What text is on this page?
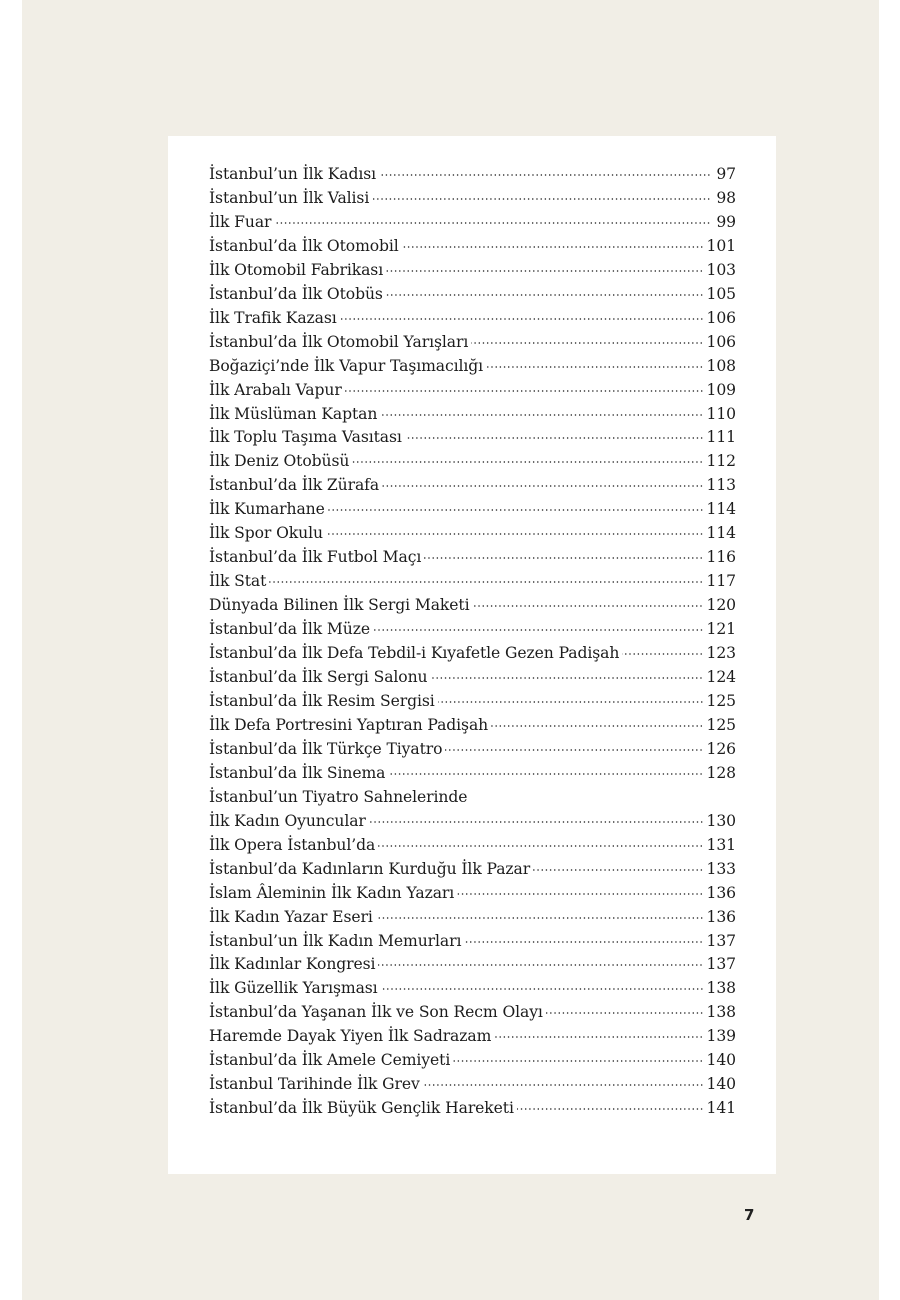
İstanbul’un İlk Kadısı	97
İstanbul’un İlk Valisi	98
İlk Fuar	99
İstanbul’da İlk Otomobil	101
İlk Otomobil Fabrikası	103
İstanbul’da İlk Otobüs	105
İlk Trafik Kazası	106
İstanbul’da İlk Otomobil Yarışları	106
Boğaziçi’nde İlk Vapur Taşımacılığı	108
İlk Arabalı Vapur	109
İlk Müslüman Kaptan	110
İlk Toplu Taşıma Vasıtası	111
İlk Deniz Otobüsü	112
İstanbul’da İlk Zürafa	113
İlk Kumarhane	114
İlk Spor Okulu	114
İstanbul’da İlk Futbol Maçı	116
İlk Stat	117
Dünyada Bilinen İlk Sergi Maketi	120
İstanbul’da İlk Müze	121
İstanbul’da İlk Defa Tebdil-i Kıyafetle Gezen Padişah	123
İstanbul’da İlk Sergi Salonu	124
İstanbul’da İlk Resim Sergisi	125
İlk Defa Portresini Yaptıran Padişah	125
İstanbul’da İlk Türkçe Tiyatro	126
İstanbul’da İlk Sinema	128
İstanbul’un Tiyatro Sahnelerinde
İlk Kadın Oyuncular	130
İlk Opera İstanbul’da	131
İstanbul’da Kadınların Kurduğu İlk Pazar	133
İslam Âleminin İlk Kadın Yazarı	136
İlk Kadın Yazar Eseri	136
İstanbul’un İlk Kadın Memurları	137
İlk Kadınlar Kongresi	137
İlk Güzellik Yarışması	138
İstanbul’da Yaşanan İlk ve Son Recm Olayı	138
Haremde Dayak Yiyen İlk Sadrazam	139
İstanbul’da İlk Amele Cemiyeti	140
İstanbul Tarihinde İlk Grev	140
İstanbul’da İlk Büyük Gençlik Hareketi	141
7
